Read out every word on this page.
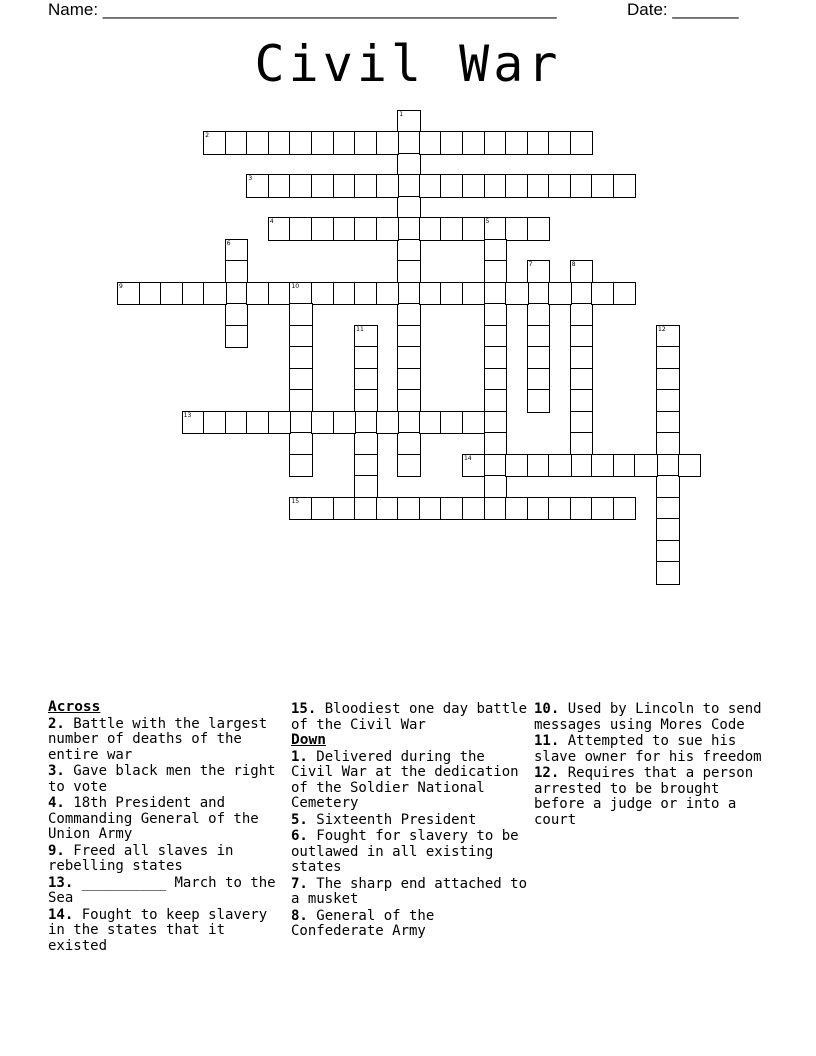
Name: ________________________________________________	Date: _______
Civil War
1
2
3
4	5
6
7	8
9	10
11	12
13
14
15
Across
2. Battle with the largest number of deaths of the entire war
3. Gave black men the right to vote
4. 18th President and Commanding General of the Union Army
9. Freed all slaves in rebelling states
13. __________ March to the Sea
14. Fought to keep slavery in the states that it existed
15. Bloodiest one day battle of the Civil War
Down
1. Delivered during the Civil War at the dedication of the Soldier National Cemetery
5. Sixteenth President
6. Fought for slavery to be outlawed in all existing states
7. The sharp end attached to a musket
8. General of the Confederate Army
10. Used by Lincoln to send messages using Mores Code
11. Attempted to sue his slave owner for his freedom
12. Requires that a person arrested to be brought before a judge or into a court
